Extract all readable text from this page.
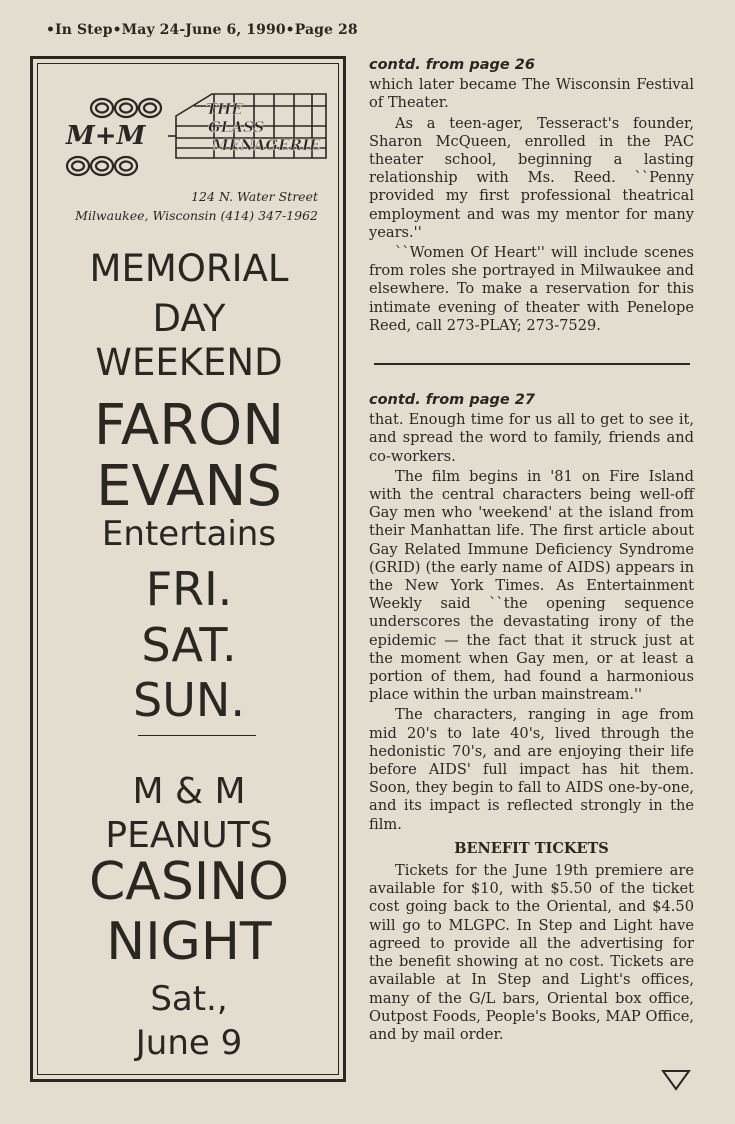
•In Step•May 24-June 6, 1990•Page 28
M+M
THE
GLASS
MENAGERIE
124 N. Water Street
Milwaukee, Wisconsin (414) 347-1962
MEMORIAL
DAY
WEEKEND
FARON
EVANS
Entertains
FRI.
SAT.
SUN.
M & M
PEANUTS
CASINO
NIGHT
Sat.,
June 9
contd. from page 26

which later became The Wisconsin Festival of Theater.

As a teen-ager, Tesseract's founder, Sharon McQueen, enrolled in the PAC theater school, beginning a lasting relationship with Ms. Reed. ``Penny provided my first professional theatrical employment and was my mentor for many years.''

``Women Of Heart'' will include scenes from roles she portrayed in Milwaukee and elsewhere. To make a reservation for this intimate evening of theater with Penelope Reed, call 273-PLAY; 273-7529.

contd. from page 27

that. Enough time for us all to get to see it, and spread the word to family, friends and co-workers.

The film begins in '81 on Fire Island with the central characters being well-off Gay men who 'weekend' at the island from their Manhattan life. The first article about Gay Related Immune Deficiency Syndrome (GRID) (the early name of AIDS) appears in the New York Times. As Entertainment Weekly said ``the opening sequence underscores the devastating irony of the epidemic — the fact that it struck just at the moment when Gay men, or at least a portion of them, had found a harmonious place within the urban mainstream.''

The characters, ranging in age from mid 20's to late 40's, lived through the hedonistic 70's, and are enjoying their life before AIDS' full impact has hit them. Soon, they begin to fall to AIDS one-by-one, and its impact is reflected strongly in the film.

BENEFIT TICKETS

Tickets for the June 19th premiere are available for $10, with $5.50 of the ticket cost going back to the Oriental, and $4.50 will go to MLGPC. In Step and Light have agreed to provide all the advertising for the benefit showing at no cost. Tickets are available at In Step and Light's offices, many of the G/L bars, Oriental box office, Outpost Foods, People's Books, MAP Office, and by mail order.
